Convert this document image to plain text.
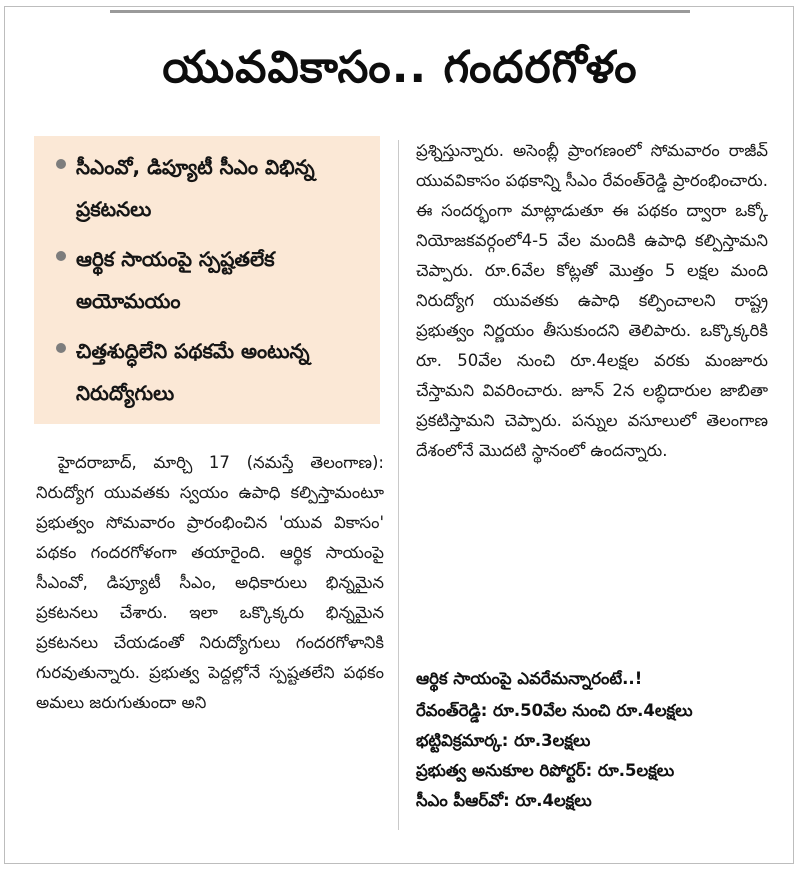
యువవికాసం.. గందరగోళం
సీఎంవో, డిప్యూటీ సీఎం విభిన్న ప్రకటనలు
ఆర్థిక సాయంపై స్పష్టతలేక అయోమయం
చిత్తశుద్ధిలేని పథకమే అంటున్న నిరుద్యోగులు
హైదరాబాద్, మార్చి 17 (నమస్తే తెలంగాణ): నిరుద్యోగ యువతకు స్వయం ఉపాధి కల్పిస్తామంటూ ప్రభుత్వం సోమవారం ప్రారంభించిన 'యువ వికాసం' పథకం గందరగోళంగా తయారైంది. ఆర్థిక సాయంపై సీఎంవో, డిప్యూటీ సీఎం, అధికారులు భిన్నమైన ప్రకటనలు చేశారు. ఇలా ఒక్కొక్కరు భిన్నమైన ప్రకటనలు చేయడంతో నిరుద్యోగులు గందరగోళానికి గురవుతున్నారు. ప్రభుత్వ పెద్దల్లోనే స్పష్టతలేని పథకం అమలు జరుగుతుందా అని
ప్రశ్నిస్తున్నారు. అసెంబ్లీ ప్రాంగణంలో సోమవారం రాజీవ్ యువవికాసం పథకాన్ని సీఎం రేవంత్‌రెడ్డి ప్రారంభించారు. ఈ సందర్భంగా మాట్లాడుతూ ఈ పథకం ద్వారా ఒక్కో నియోజకవర్గంలో4-5 వేల మందికి ఉపాధి కల్పిస్తామని చెప్పారు. రూ.6వేల కోట్లతో మొత్తం 5 లక్షల మంది నిరుద్యోగ యువతకు ఉపాధి కల్పించాలని రాష్ట్ర ప్రభుత్వం నిర్ణయం తీసుకుందని తెలిపారు. ఒక్కొక్కరికి రూ. 50వేల నుంచి రూ.4లక్షల వరకు మంజూరు చేస్తామని వివరించారు. జూన్ 2న లబ్ధిదారుల జాబితా ప్రకటిస్తామని చెప్పారు. పన్నుల వసూలులో తెలంగాణ దేశంలోనే మొదటి స్థానంలో ఉందన్నారు.
ఆర్థిక సాయంపై ఎవరేమన్నారంటే..!
రేవంత్‌రెడ్డి: రూ.50వేల నుంచి రూ.4లక్షలు
భట్టివిక్రమార్క: రూ.3లక్షలు
ప్రభుత్వ అనుకూల రిపోర్టర్: రూ.5లక్షలు
సీఎం పీఆర్‌వో: రూ.4లక్షలు
